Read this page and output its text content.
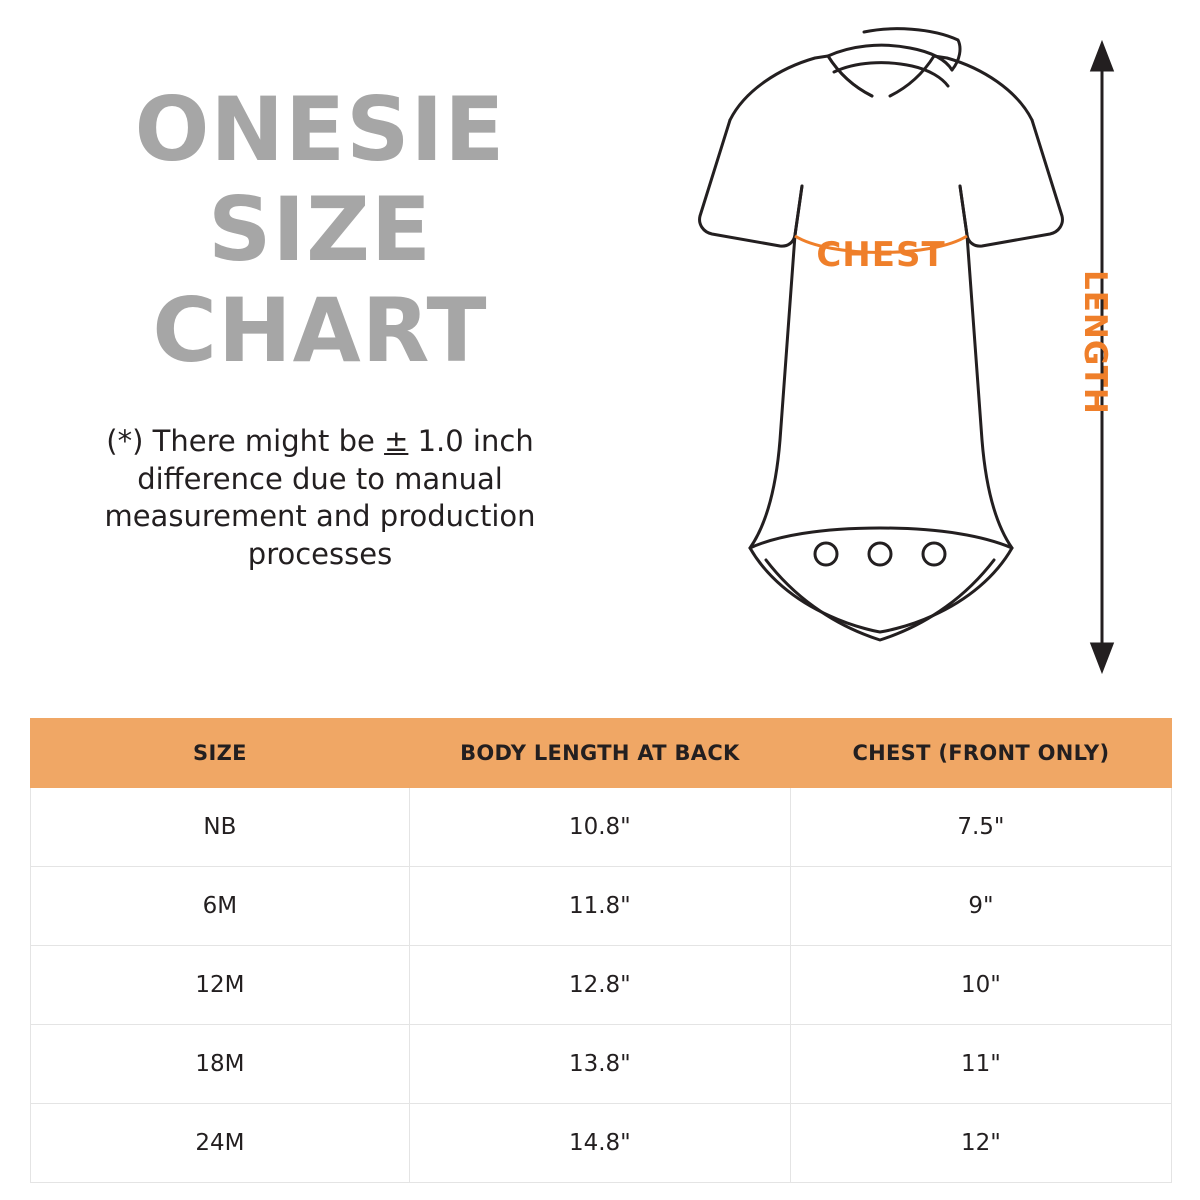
ONESIE
SIZE
CHART

(*) There might be ± 1.0 inch difference due to manual measurement and production processes

CHEST
LENGTH
SIZE	BODY LENGTH AT BACK	CHEST (FRONT ONLY)
NB	10.8"	7.5"
6M	11.8"	9"
12M	12.8"	10"
18M	13.8"	11"
24M	14.8"	12"
